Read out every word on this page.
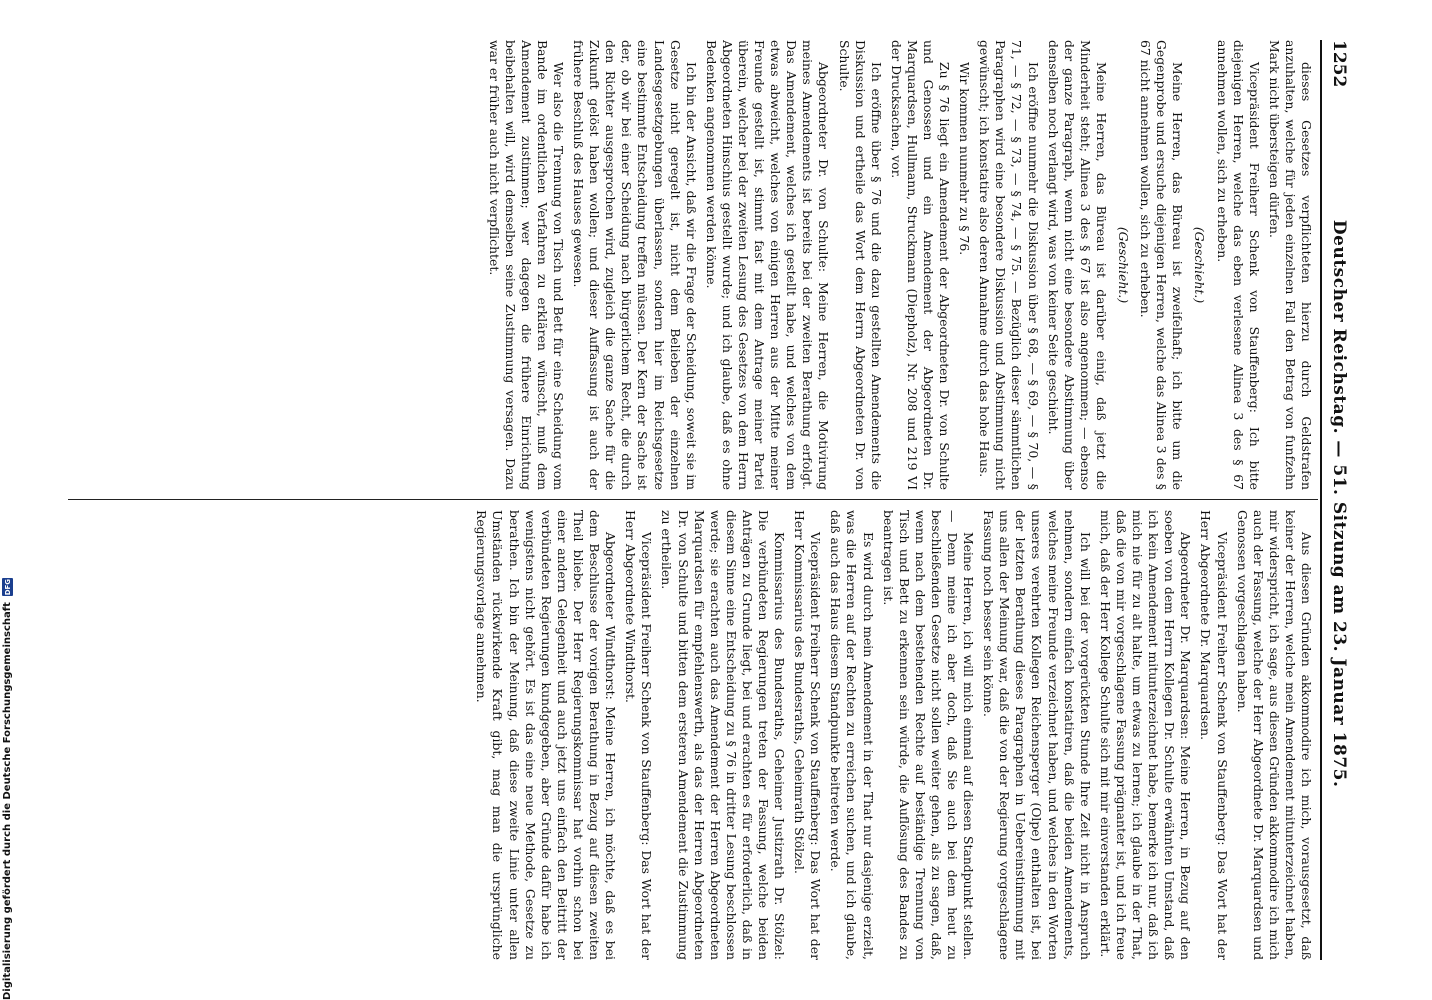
1252
Deutscher Reichstag. — 51. Sitzung am 23. Januar 1875.

dieses Gesetzes verpflichteten hierzu durch Geldstrafen anzuhalten, welche für jeden einzelnen Fall den Betrag von funfzehn Mark nicht übersteigen dürfen.

Vicepräsident Freiherr Schenk von Stauffenberg: Ich bitte diejenigen Herren, welche das eben verlesene Alinea 3 des § 67 annehmen wollen, sich zu erheben.

(Geschieht.)

Meine Herren, das Büreau ist zweifelhaft; ich bitte um die Gegenprobe und ersuche diejenigen Herren, welche das Alinea 3 des § 67 nicht annehmen wollen, sich zu erheben.

(Geschieht.)

Meine Herren, das Büreau ist darüber einig, daß jetzt die Minderheit steht; Alinea 3 des § 67 ist also angenommen; — ebenso der ganze Paragraph, wenn nicht eine besondere Abstimmung über denselben noch verlangt wird, was von keiner Seite geschieht.

Ich eröffne nunmehr die Diskussion über § 68, — § 69, — § 70, — § 71, — § 72, — § 73, — § 74, — § 75. — Bezüglich dieser sämmtlichen Paragraphen wird eine besondere Diskussion und Abstimmung nicht gewünscht; ich konstatire also deren Annahme durch das hohe Haus.

Wir kommen nunmehr zu § 76.

Zu § 76 liegt ein Amendement der Abgeordneten Dr. von Schulte und Genossen und ein Amendement der Abgeordneten Dr. Marquardsen, Hullmann, Struckmann (Diepholz), Nr. 208 und 219 VI der Drucksachen, vor.

Ich eröffne über § 76 und die dazu gestellten Amendements die Diskussion und ertheile das Wort dem Herrn Abgeordneten Dr. von Schulte.

Abgeordneter Dr. von Schulte: Meine Herren, die Motivirung meines Amendements ist bereits bei der zweiten Berathung erfolgt. Das Amendement, welches ich gestellt habe, und welches von dem etwas abweicht, welches von einigen Herren aus der Mitte meiner Freunde gestellt ist, stimmt fast mit dem Antrage meiner Partei überein, welcher bei der zweiten Lesung des Gesetzes von dem Herrn Abgeordneten Hinschius gestellt wurde; und ich glaube, daß es ohne Bedenken angenommen werden könne.

Ich bin der Ansicht, daß wir die Frage der Scheidung, soweit sie im Gesetze nicht geregelt ist, nicht dem Belieben der einzelnen Landesgesetzgebungen überlassen, sondern hier im Reichsgesetze eine bestimmte Entscheidung treffen müssen. Der Kern der Sache ist der, ob wir bei einer Scheidung nach bürgerlichem Recht, die durch den Richter ausgesprochen wird, zugleich die ganze Sache für die Zukunft gelöst haben wollen; und dieser Auffassung ist auch der frühere Beschluß des Hauses gewesen.

Wer also die Trennung von Tisch und Bett für eine Scheidung vom Bande im ordentlichen Verfahren zu erklären wünscht, muß dem Amendement zustimmen; wer dagegen die frühere Einrichtung beibehalten will, wird demselben seine Zustimmung versagen. Dazu war er früher auch nicht verpflichtet.

Aus diesen Gründen akkommodire ich mich, vorausgesetzt, daß keiner der Herren, welche mein Amendement mitunterzeichnet haben, mir widerspricht, ich sage, aus diesen Gründen akkommodire ich mich auch der Fassung, welche der Herr Abgeordnete Dr. Marquardsen und Genossen vorgeschlagen haben.

Vicepräsident Freiherr Schenk von Stauffenberg: Das Wort hat der Herr Abgeordnete Dr. Marquardsen.

Abgeordneter Dr. Marquardsen: Meine Herren, in Bezug auf den soeben von dem Herrn Kollegen Dr. Schulte erwähnten Umstand, daß ich kein Amendement mitunterzeichnet habe, bemerke ich nur, daß ich mich nie für zu alt halte, um etwas zu lernen; ich glaube in der That, daß die von mir vorgeschlagene Fassung prägnanter ist, und ich freue mich, daß der Herr Kollege Schulte sich mit mir einverstanden erklärt.

Ich will bei der vorgerückten Stunde Ihre Zeit nicht in Anspruch nehmen, sondern einfach konstatiren, daß die beiden Amendements, welches meine Freunde verzeichnet haben, und welches in den Worten unseres verehrten Kollegen Reichensperger (Olpe) enthalten ist, bei der letzten Berathung dieses Paragraphen in Uebereinstimmung mit uns allen der Meinung war, daß die von der Regierung vorgeschlagene Fassung noch besser sein könne.

Meine Herren, ich will mich einmal auf diesen Standpunkt stellen. — Denn meine ich aber doch, daß Sie auch bei dem heut zu beschließenden Gesetze nicht sollen weiter gehen, als zu sagen, daß, wenn nach dem bestehenden Rechte auf beständige Trennung von Tisch und Bett zu erkennen sein würde, die Auflösung des Bandes zu beantragen ist.

Es wird durch mein Amendement in der That nur dasjenige erzielt, was die Herren auf der Rechten zu erreichen suchen, und ich glaube, daß auch das Haus diesem Standpunkte beitreten werde.

Vicepräsident Freiherr Schenk von Stauffenberg: Das Wort hat der Herr Kommissarius des Bundesraths, Geheimrath Stölzel.

Kommissarius des Bundesraths, Geheimer Justizrath Dr. Stölzel: Die verbündeten Regierungen treten der Fassung, welche beiden Anträgen zu Grunde liegt, bei und erachten es für erforderlich, daß in diesem Sinne eine Entscheidung zu § 76 in dritter Lesung beschlossen werde; sie erachten auch das Amendement der Herren Abgeordneten Marquardsen für empfehlenswerth, als das der Herren Abgeordneten Dr. von Schulte und bitten dem ersteren Amendement die Zustimmung zu ertheilen.

Vicepräsident Freiherr Schenk von Stauffenberg: Das Wort hat der Herr Abgeordnete Windthorst.

Abgeordneter Windthorst: Meine Herren, ich möchte, daß es bei dem Beschlusse der vorigen Berathung in Bezug auf diesen zweiten Theil bliebe. Der Herr Regierungskommissar hat vorhin schon bei einer andern Gelegenheit und auch jetzt uns einfach den Beitritt der verbündeten Regierungen kundgegeben, aber Gründe dafür habe ich wenigstens nicht gehört. Es ist das eine neue Methode, Gesetze zu berathen. Ich bin der Meinung, daß diese zweite Linie unter allen Umständen rückwirkende Kraft gibt, mag man die ursprüngliche Regierungsvorlage annehmen.

Digitalisierung gefördert durch die Deutsche Forschungsgemeinschaft
DFG
